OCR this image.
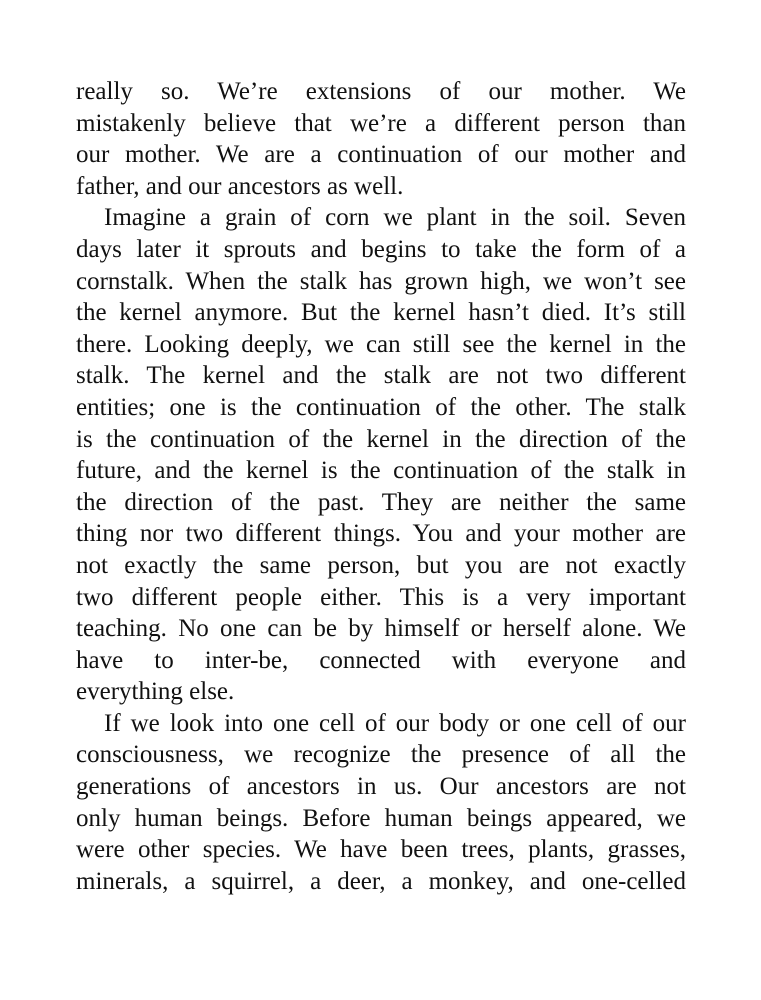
really so. We’re extensions of our mother. We
mistakenly believe that we’re a different person than
our mother. We are a continuation of our mother and
father, and our ancestors as well.
Imagine a grain of corn we plant in the soil. Seven
days later it sprouts and begins to take the form of a
cornstalk. When the stalk has grown high, we won’t see
the kernel anymore. But the kernel hasn’t died. It’s still
there. Looking deeply, we can still see the kernel in the
stalk. The kernel and the stalk are not two different
entities; one is the continuation of the other. The stalk
is the continuation of the kernel in the direction of the
future, and the kernel is the continuation of the stalk in
the direction of the past. They are neither the same
thing nor two different things. You and your mother are
not exactly the same person, but you are not exactly
two different people either. This is a very important
teaching. No one can be by himself or herself alone. We
have to inter-be, connected with everyone and
everything else.
If we look into one cell of our body or one cell of our
consciousness, we recognize the presence of all the
generations of ancestors in us. Our ancestors are not
only human beings. Before human beings appeared, we
were other species. We have been trees, plants, grasses,
minerals, a squirrel, a deer, a monkey, and one-celled
